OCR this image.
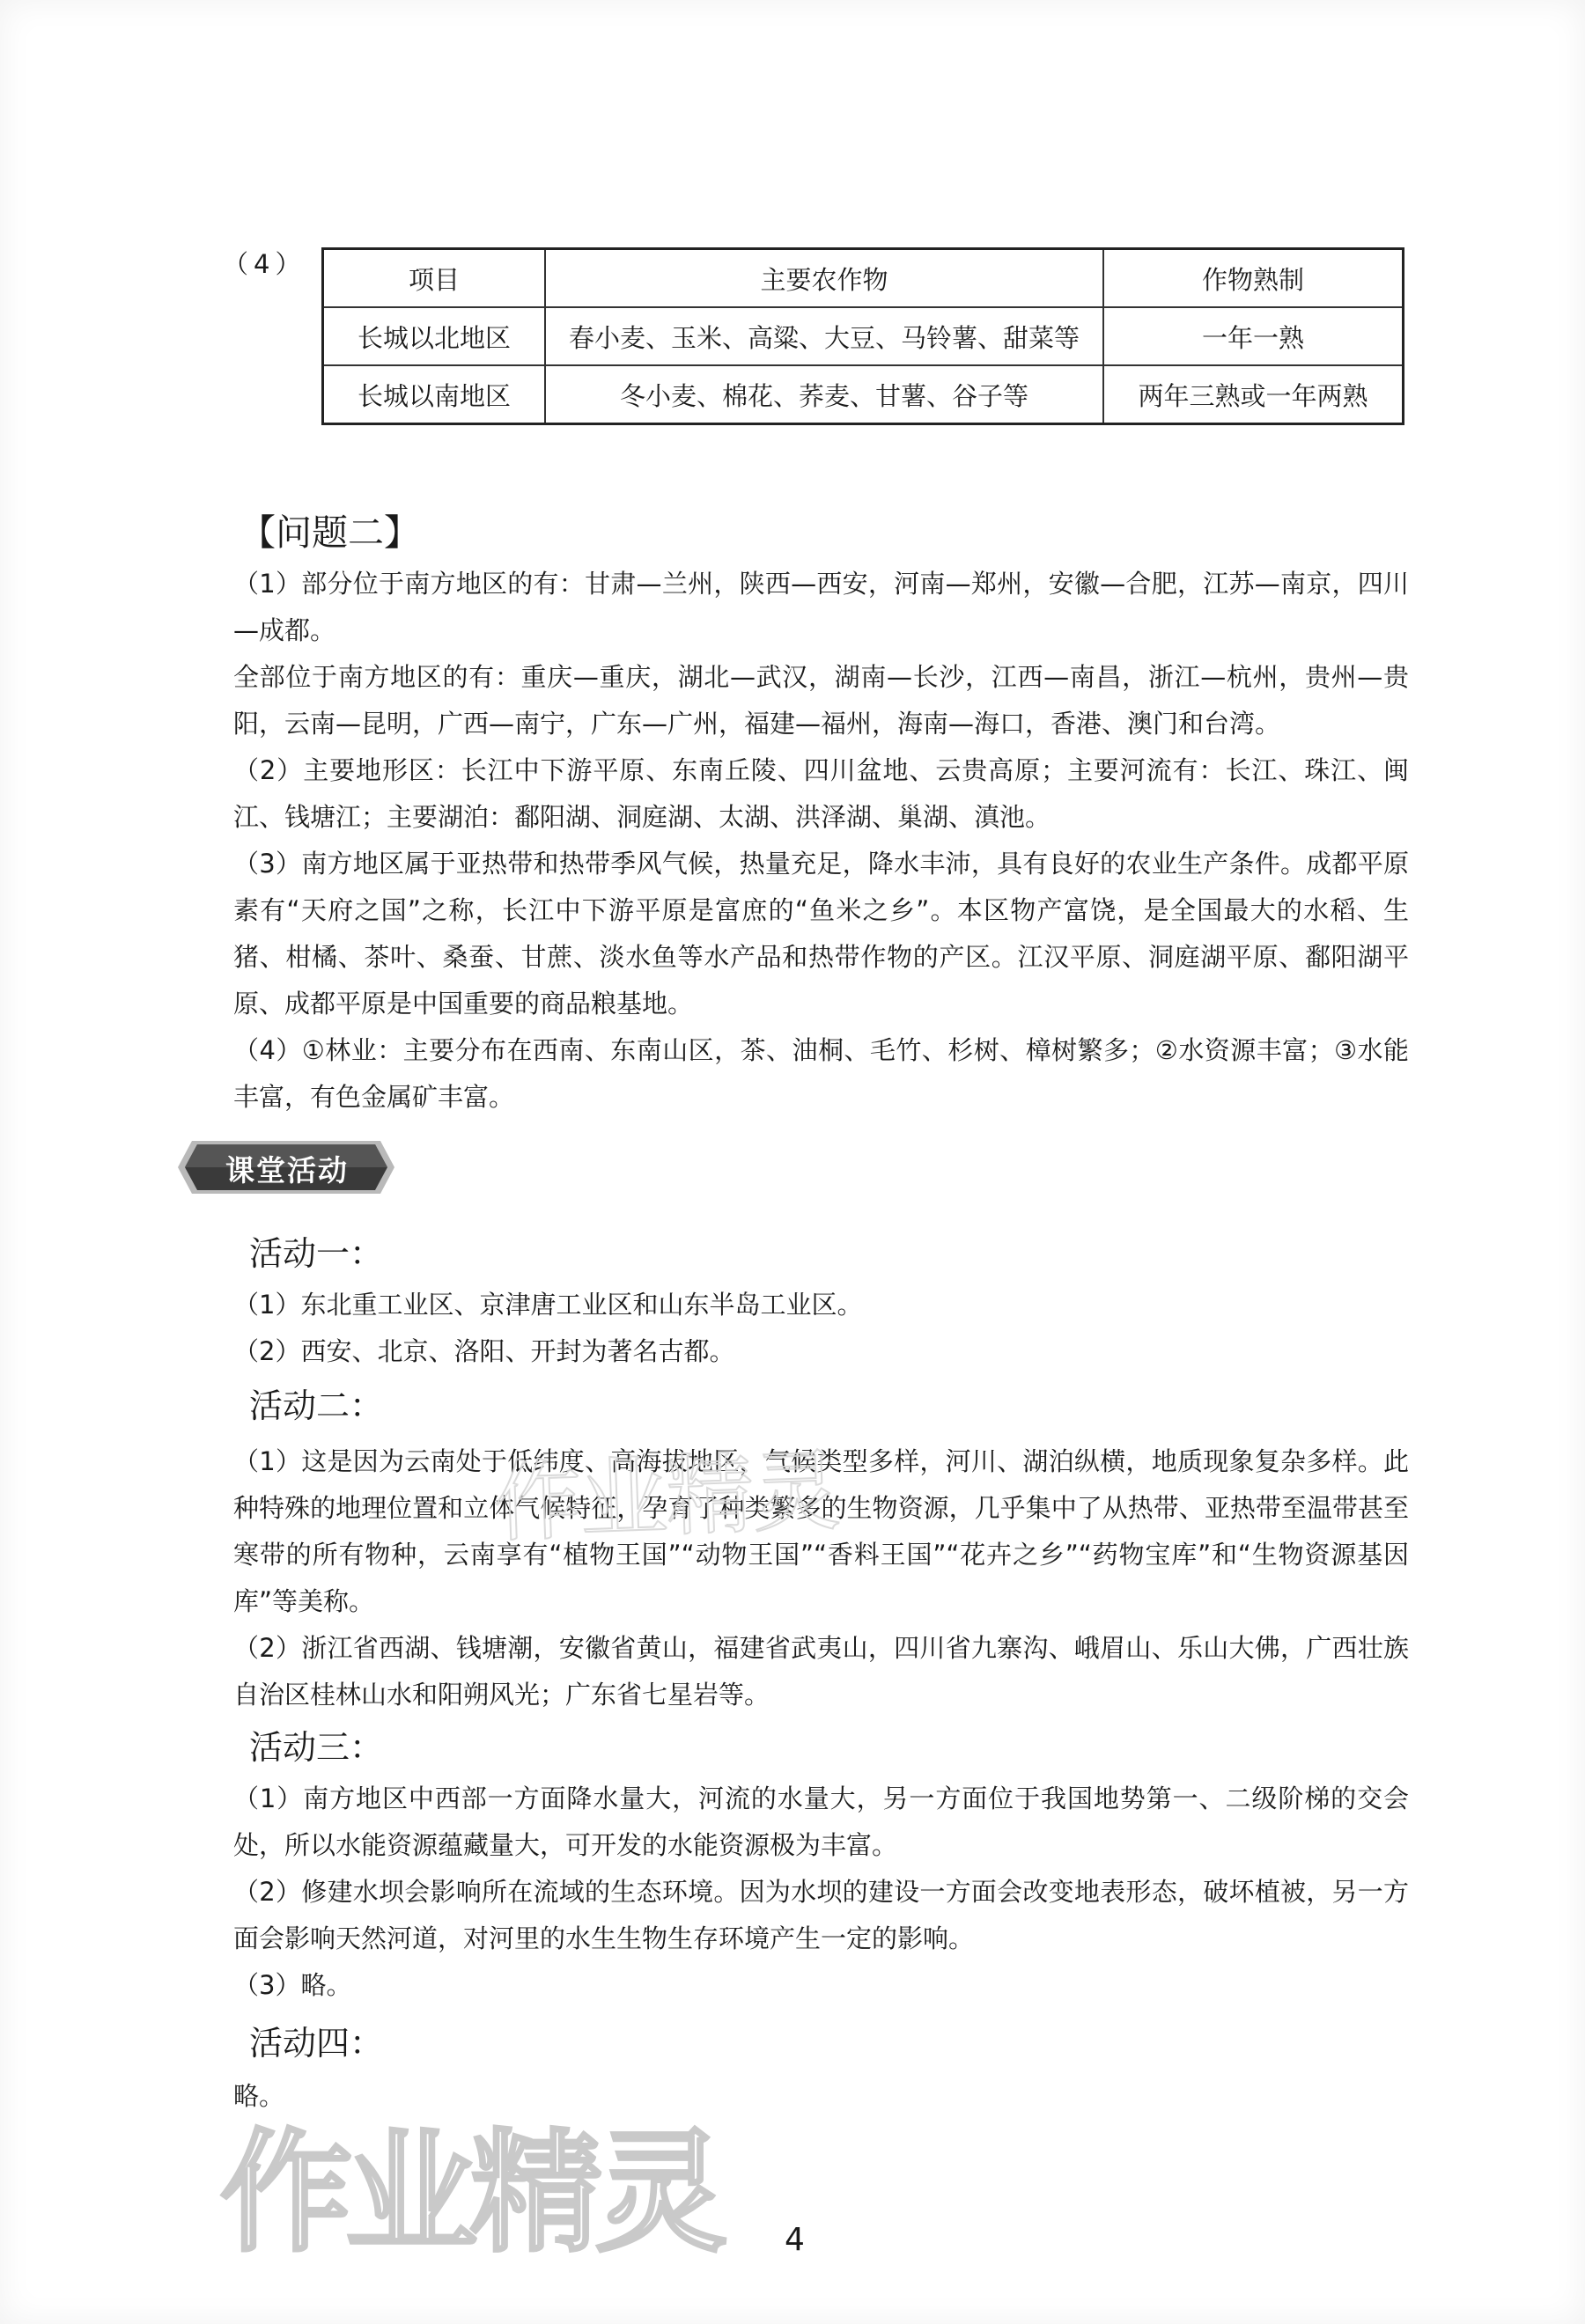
（4）
项目	主要农作物	作物熟制
长城以北地区	春小麦、玉米、高粱、大豆、马铃薯、甜菜等	一年一熟
长城以南地区	冬小麦、棉花、荞麦、甘薯、谷子等	两年三熟或一年两熟
【问题二】

（1）部分位于南方地区的有：甘肃—兰州，陕西—西安，河南—郑州，安徽—合肥，江苏—南京，四川—成都。

全部位于南方地区的有：重庆—重庆，湖北—武汉，湖南—长沙，江西—南昌，浙江—杭州，贵州—贵阳，云南—昆明，广西—南宁，广东—广州，福建—福州，海南—海口，香港、澳门和台湾。

（2）主要地形区：长江中下游平原、东南丘陵、四川盆地、云贵高原；主要河流有：长江、珠江、闽江、钱塘江；主要湖泊：鄱阳湖、洞庭湖、太湖、洪泽湖、巢湖、滇池。

（3）南方地区属于亚热带和热带季风气候，热量充足，降水丰沛，具有良好的农业生产条件。成都平原素有“天府之国”之称，长江中下游平原是富庶的“鱼米之乡”。本区物产富饶，是全国最大的水稻、生猪、柑橘、茶叶、桑蚕、甘蔗、淡水鱼等水产品和热带作物的产区。江汉平原、洞庭湖平原、鄱阳湖平原、成都平原是中国重要的商品粮基地。

（4）①林业：主要分布在西南、东南山区，茶、油桐、毛竹、杉树、樟树繁多；②水资源丰富；③水能丰富，有色金属矿丰富。

课堂活动
活动一：

（1）东北重工业区、京津唐工业区和山东半岛工业区。

（2）西安、北京、洛阳、开封为著名古都。

活动二：

（1）这是因为云南处于低纬度、高海拔地区，气候类型多样，河川、湖泊纵横，地质现象复杂多样。此种特殊的地理位置和立体气候特征，孕育了种类繁多的生物资源，几乎集中了从热带、亚热带至温带甚至寒带的所有物种，云南享有“植物王国”“动物王国”“香料王国”“花卉之乡”“药物宝库”和“生物资源基因库”等美称。

（2）浙江省西湖、钱塘潮，安徽省黄山，福建省武夷山，四川省九寨沟、峨眉山、乐山大佛，广西壮族自治区桂林山水和阳朔风光；广东省七星岩等。

活动三：

（1）南方地区中西部一方面降水量大，河流的水量大，另一方面位于我国地势第一、二级阶梯的交会处，所以水能资源蕴藏量大，可开发的水能资源极为丰富。

（2）修建水坝会影响所在流域的生态环境。因为水坝的建设一方面会改变地表形态，破坏植被，另一方面会影响天然河道，对河里的水生生物生存环境产生一定的影响。

（3）略。

活动四：

略。

作业精灵
作业精灵 4
